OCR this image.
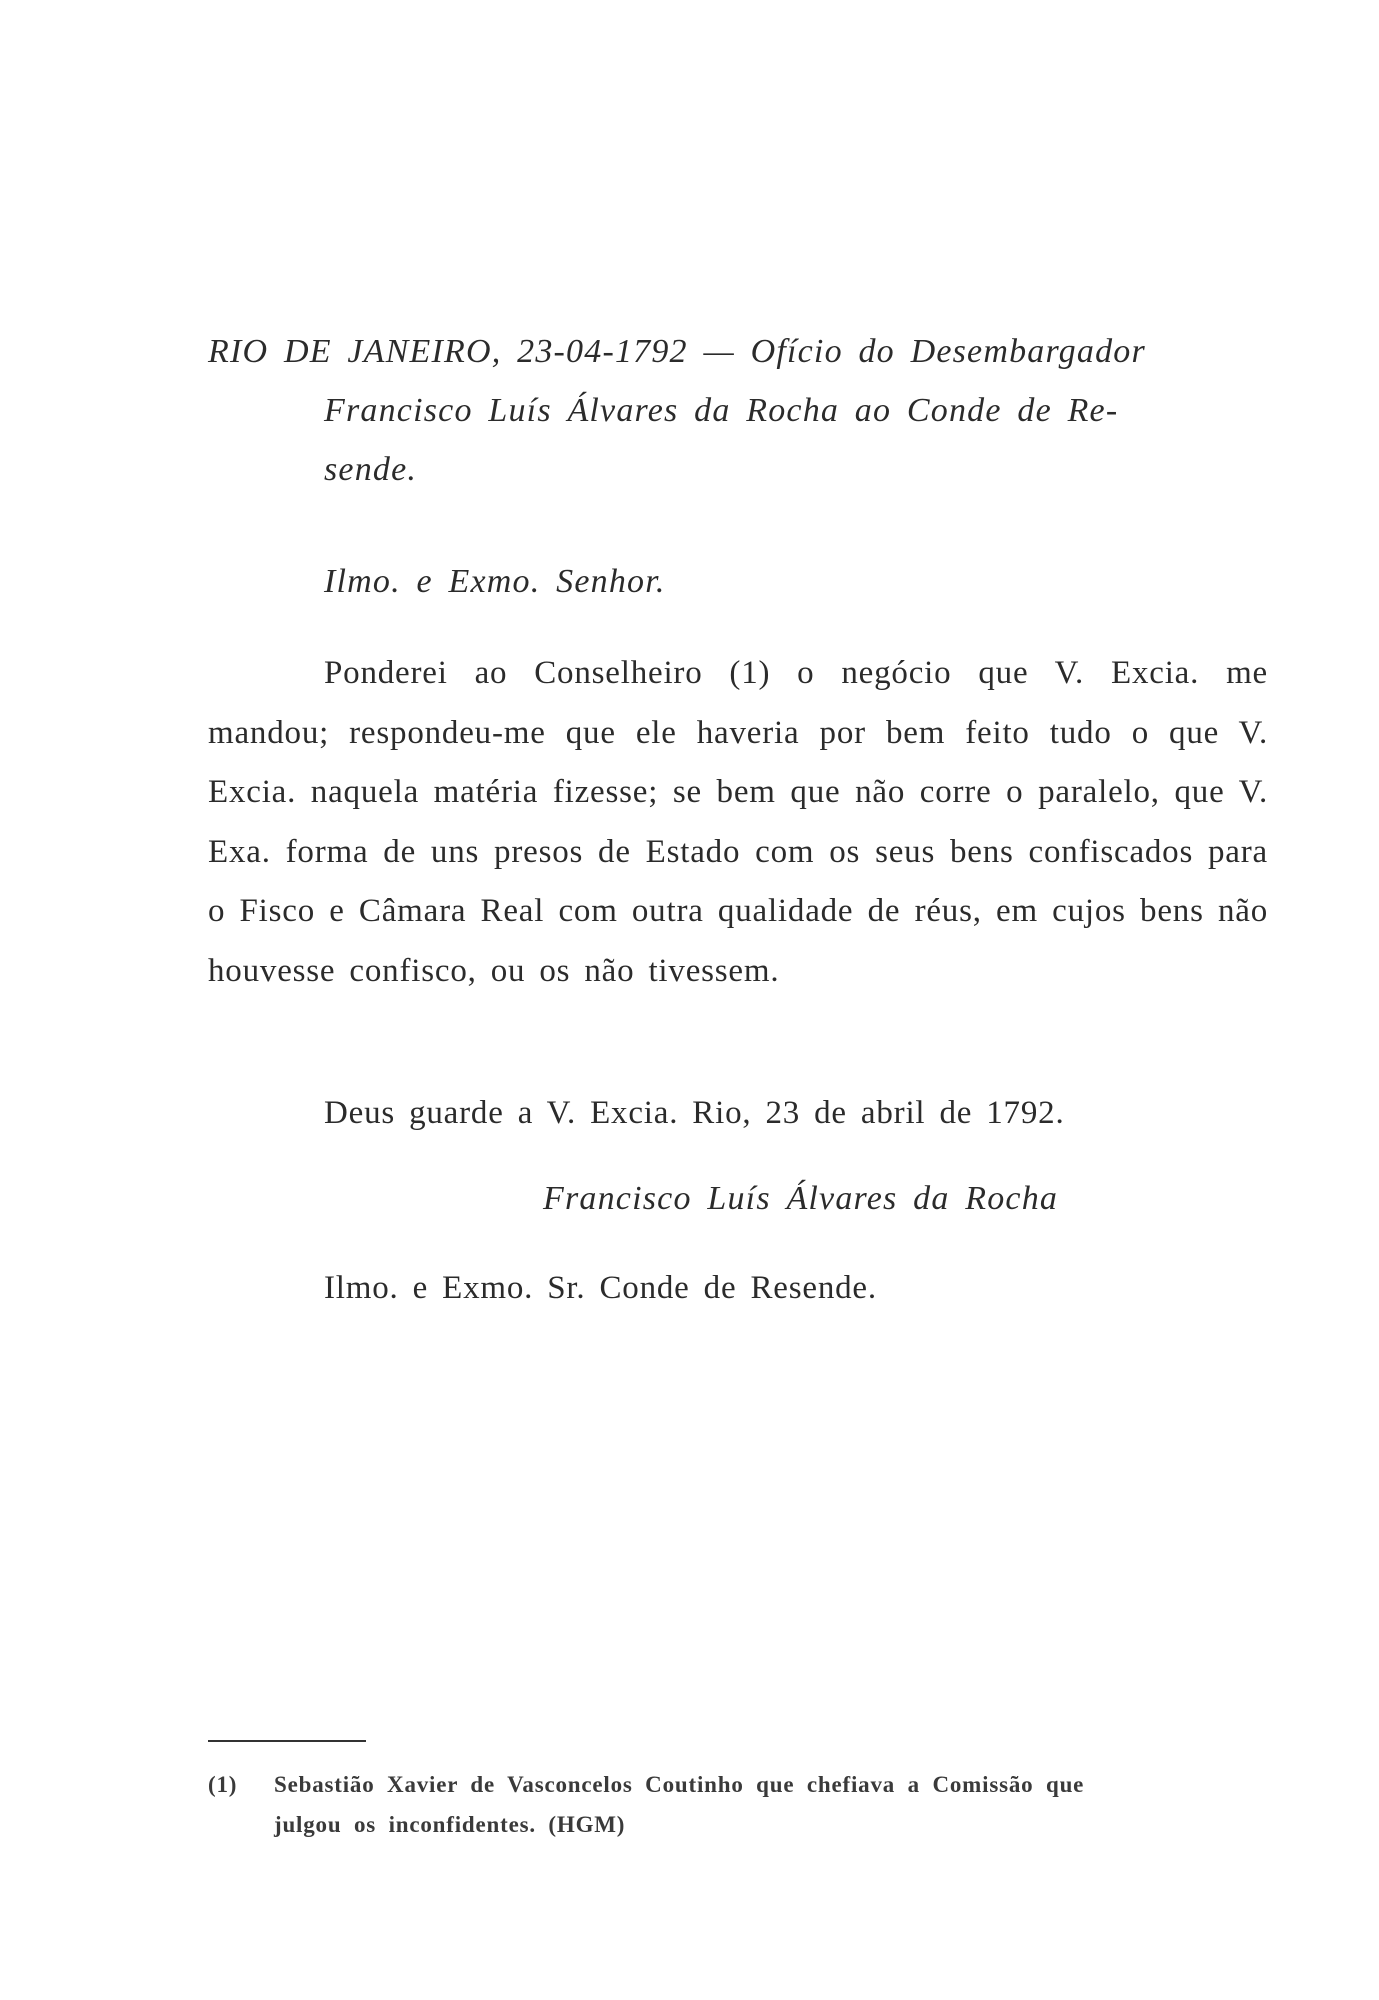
RIO DE JANEIRO, 23-04-1792 — Ofício do Desembargador
Francisco Luís Álvares da Rocha ao Conde de Re-
sende.

Ilmo. e Exmo. Senhor.

Ponderei ao Conselheiro (1) o negócio que V. Excia. me mandou; respondeu-me que ele haveria por bem feito tudo o que V. Excia. naquela matéria fizesse; se bem que não corre o paralelo, que V. Exa. forma de uns presos de Estado com os seus bens confiscados para o Fisco e Câmara Real com outra qualidade de réus, em cujos bens não houvesse confisco, ou os não tivessem.

Deus guarde a V. Excia. Rio, 23 de abril de 1792.

Francisco Luís Álvares da Rocha

Ilmo. e Exmo. Sr. Conde de Resende.

(1) Sebastião Xavier de Vasconcelos Coutinho que chefiava a Comissão que
julgou os inconfidentes. (HGM)
